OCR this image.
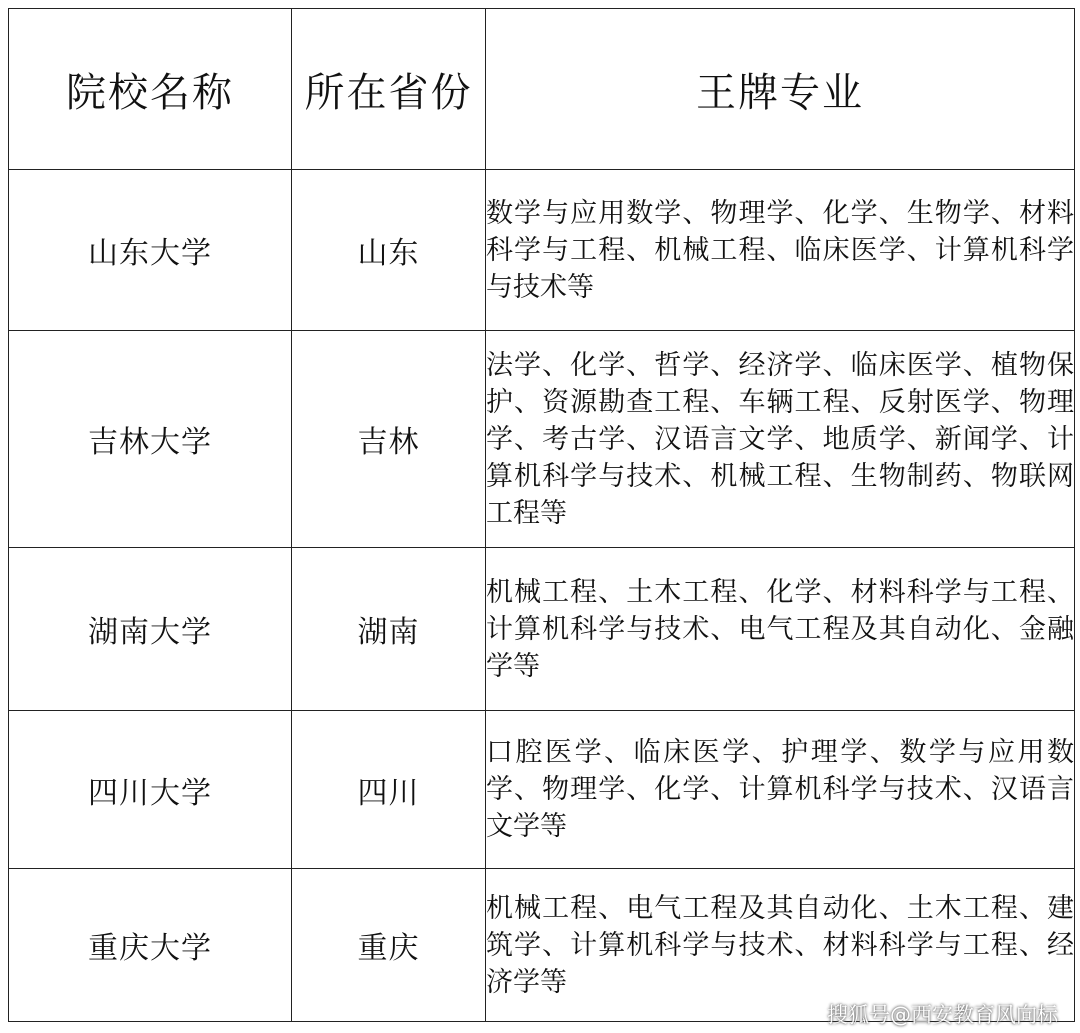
院校名称	所在省份	王牌专业
山东大学	山东	数学与应用数学、物理学、化学、生物学、材料科学与工程、机械工程、临床医学、计算机科学与技术等
吉林大学	吉林	法学、化学、哲学、经济学、临床医学、植物保护、资源勘查工程、车辆工程、反射医学、物理学、考古学、汉语言文学、地质学、新闻学、计算机科学与技术、机械工程、生物制药、物联网工程等
湖南大学	湖南	机械工程、土木工程、化学、材料科学与工程、计算机科学与技术、电气工程及其自动化、金融学等
四川大学	四川	口腔医学、临床医学、护理学、数学与应用数学、物理学、化学、计算机科学与技术、汉语言文学等
重庆大学	重庆	机械工程、电气工程及其自动化、土木工程、建筑学、计算机科学与技术、材料科学与工程、经济学等
搜狐号@西安教育风向标
